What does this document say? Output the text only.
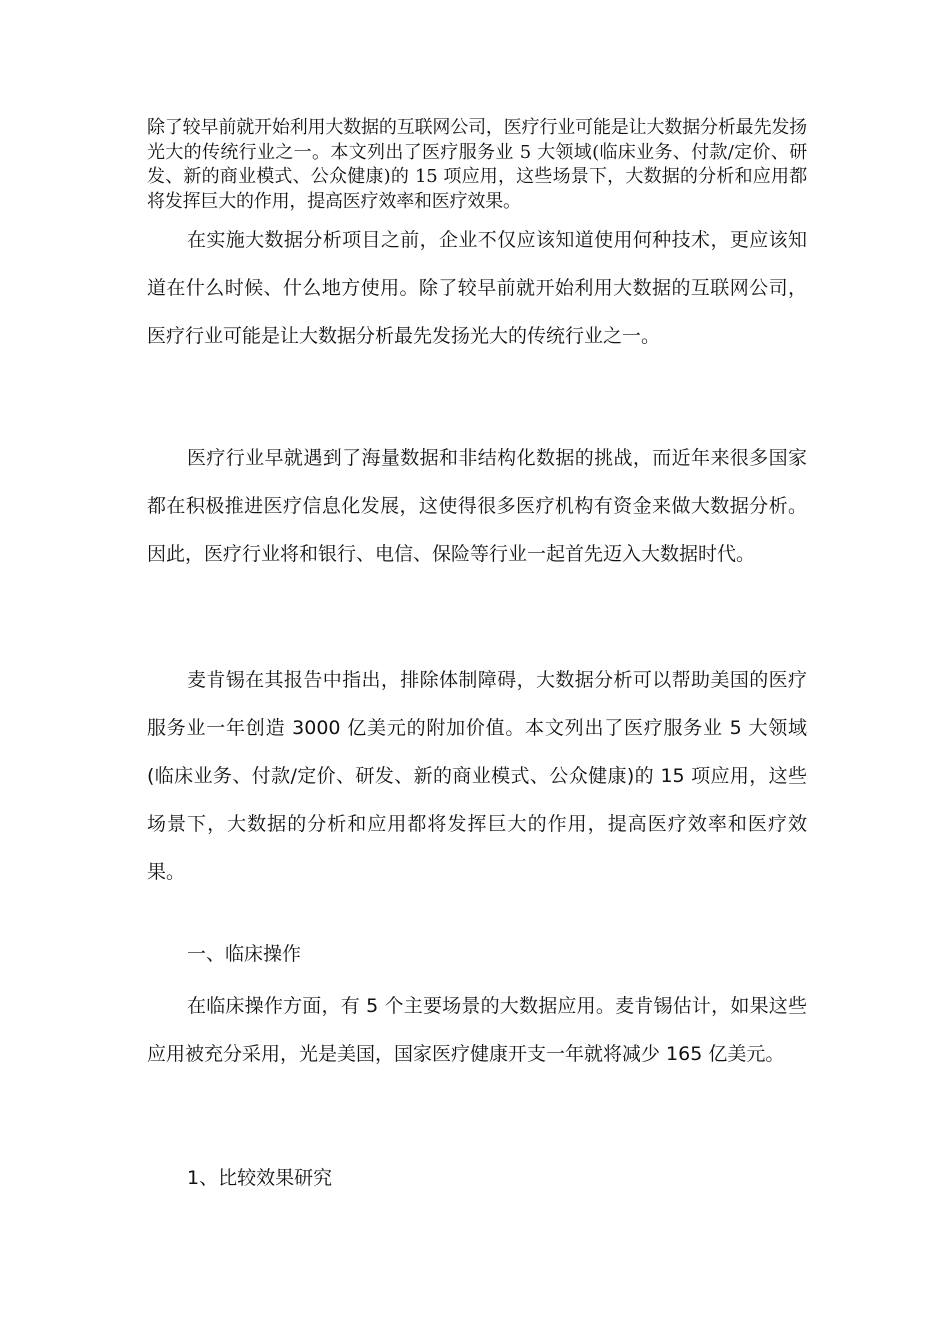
除了较早前就开始利用大数据的互联网公司，医疗行业可能是让大数据分析最先发扬光大的传统行业之一。本文列出了医疗服务业 5 大领域(临床业务、付款/定价、研发、新的商业模式、公众健康)的 15 项应用，这些场景下，大数据的分析和应用都将发挥巨大的作用，提高医疗效率和医疗效果。

在实施大数据分析项目之前，企业不仅应该知道使用何种技术，更应该知道在什么时候、什么地方使用。除了较早前就开始利用大数据的互联网公司，医疗行业可能是让大数据分析最先发扬光大的传统行业之一。

医疗行业早就遇到了海量数据和非结构化数据的挑战，而近年来很多国家都在积极推进医疗信息化发展，这使得很多医疗机构有资金来做大数据分析。因此，医疗行业将和银行、电信、保险等行业一起首先迈入大数据时代。

麦肯锡在其报告中指出，排除体制障碍，大数据分析可以帮助美国的医疗服务业一年创造 3000 亿美元的附加价值。本文列出了医疗服务业 5 大领域(临床业务、付款/定价、研发、新的商业模式、公众健康)的 15 项应用，这些场景下，大数据的分析和应用都将发挥巨大的作用，提高医疗效率和医疗效果。

一、临床操作

在临床操作方面，有 5 个主要场景的大数据应用。麦肯锡估计，如果这些应用被充分采用，光是美国，国家医疗健康开支一年就将减少 165 亿美元。

1、比较效果研究
